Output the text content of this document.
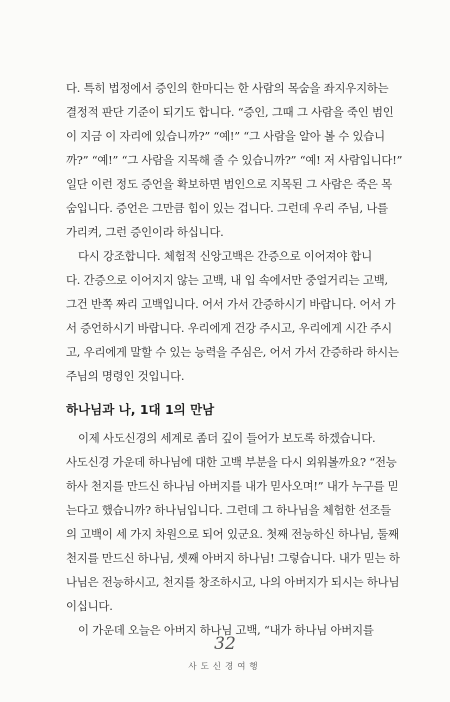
다. 특히 법정에서 증인의 한마디는 한 사람의 목숨을 좌지우지하는
결정적 판단 기준이 되기도 합니다. “증인, 그때 그 사람을 죽인 범인
이 지금 이 자리에 있습니까?” “예!” “그 사람을 알아 볼 수 있습니
까?” “예!” “그 사람을 지목해 줄 수 있습니까?” “예! 저 사람입니다!”
일단 이런 정도 증언을 확보하면 범인으로 지목된 그 사람은 죽은 목
숨입니다. 증언은 그만큼 힘이 있는 겁니다. 그런데 우리 주님, 나를
가리켜, 그런 증인이라 하십니다.
다시 강조합니다. 체험적 신앙고백은 간증으로 이어져야 합니
다. 간증으로 이어지지 않는 고백, 내 입 속에서만 중얼거리는 고백,
그건 반쪽 짜리 고백입니다. 어서 가서 간증하시기 바랍니다. 어서 가
서 증언하시기 바랍니다. 우리에게 건강 주시고, 우리에게 시간 주시
고, 우리에게 말할 수 있는 능력을 주심은, 어서 가서 간증하라 하시는
주님의 명령인 것입니다.
하나님과 나, 1대 1의 만남
이제 사도신경의 세계로 좀더 깊이 들어가 보도록 하겠습니다.
사도신경 가운데 하나님에 대한 고백 부분을 다시 외워볼까요? “전능
하사 천지를 만드신 하나님 아버지를 내가 믿사오며!” 내가 누구를 믿
는다고 했습니까? 하나님입니다. 그런데 그 하나님을 체험한 선조들
의 고백이 세 가지 차원으로 되어 있군요. 첫째 전능하신 하나님, 둘째
천지를 만드신 하나님, 셋째 아버지 하나님! 그렇습니다. 내가 믿는 하
나님은 전능하시고, 천지를 창조하시고, 나의 아버지가 되시는 하나님
이십니다.
이 가운데 오늘은 아버지 하나님 고백, “내가 하나님 아버지를
32
사도신경여행
